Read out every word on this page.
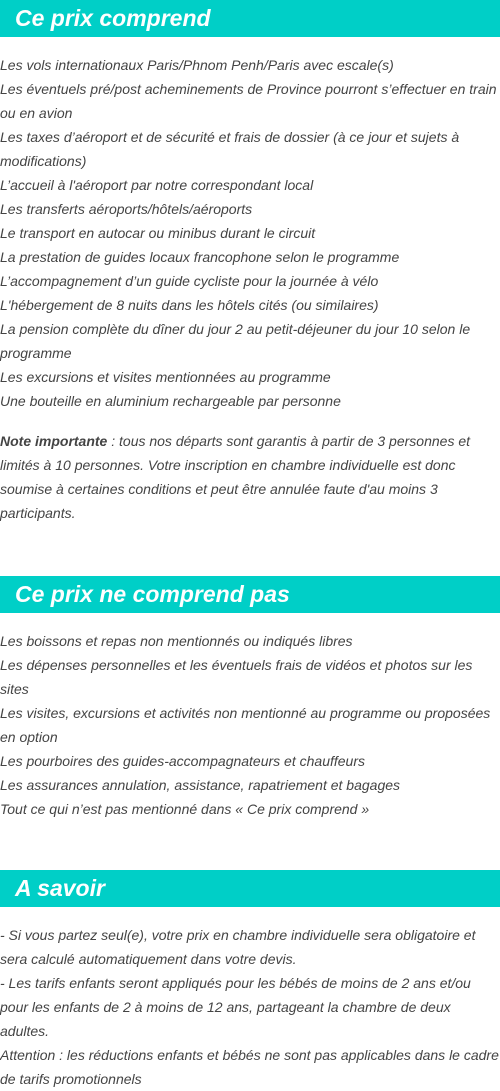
Ce prix comprend
Les vols internationaux Paris/Phnom Penh/Paris avec escale(s)
Les éventuels pré/post acheminements de Province pourront s’effectuer en train ou en avion
Les taxes d’aéroport et de sécurité et frais de dossier (à ce jour et sujets à modifications)
L’accueil à l'aéroport par notre correspondant local
Les transferts aéroports/hôtels/aéroports
Le transport en autocar ou minibus durant le circuit
La prestation de guides locaux francophone selon le programme
L’accompagnement d’un guide cycliste pour la journée à vélo
L'hébergement de 8 nuits dans les hôtels cités (ou similaires)
La pension complète du dîner du jour 2 au petit-déjeuner du jour 10 selon le programme
Les excursions et visites mentionnées au programme
Une bouteille en aluminium rechargeable par personne

Note importante : tous nos départs sont garantis à partir de 3 personnes et limités à 10 personnes. Votre inscription en chambre individuelle est donc soumise à certaines conditions et peut être annulée faute d'au moins 3 participants.

Ce prix ne comprend pas
Les boissons et repas non mentionnés ou indiqués libres
Les dépenses personnelles et les éventuels frais de vidéos et photos sur les sites
Les visites, excursions et activités non mentionné au programme ou proposées en option
Les pourboires des guides-accompagnateurs et chauffeurs
Les assurances annulation, assistance, rapatriement et bagages
Tout ce qui n’est pas mentionné dans « Ce prix comprend »
A savoir
- Si vous partez seul(e), votre prix en chambre individuelle sera obligatoire et sera calculé automatiquement dans votre devis.
- Les tarifs enfants seront appliqués pour les bébés de moins de 2 ans et/ou pour les enfants de 2 à moins de 12 ans, partageant la chambre de deux adultes.
Attention : les réductions enfants et bébés ne sont pas applicables dans le cadre de tarifs promotionnels
